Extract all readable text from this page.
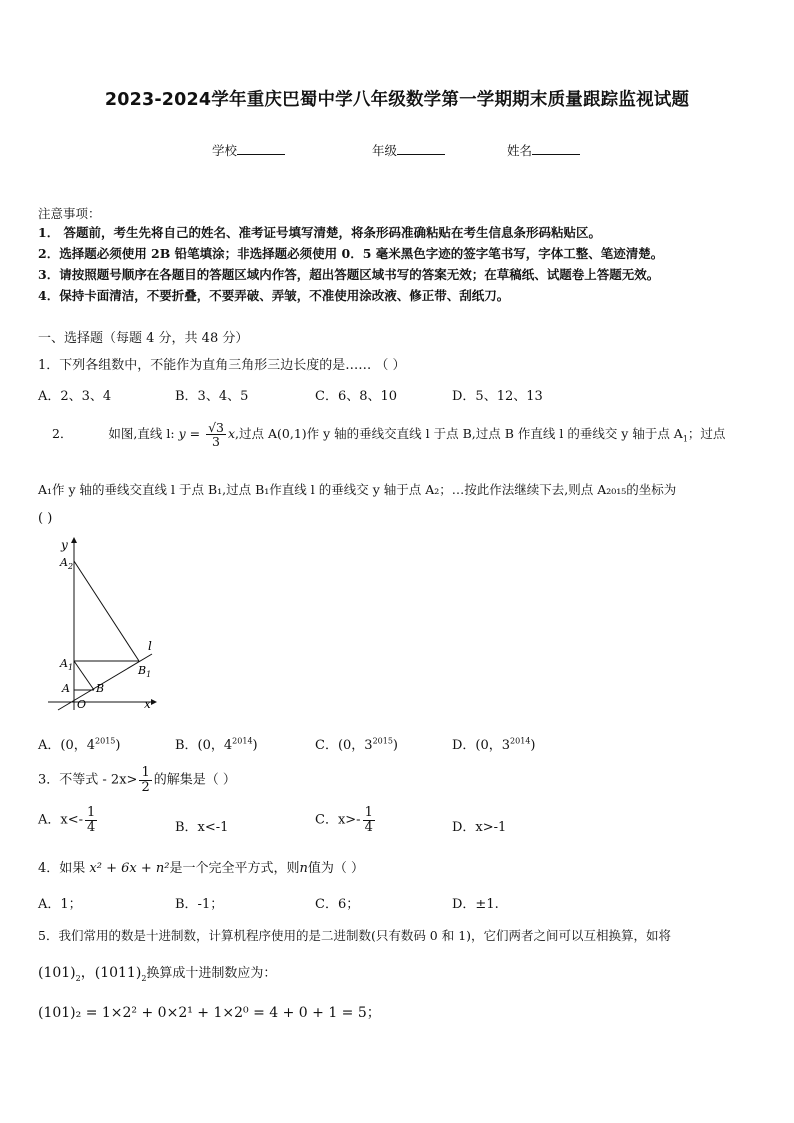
2023-2024学年重庆巴蜀中学八年级数学第一学期期末质量跟踪监视试题
学校	年级	姓名
注意事项：
1． 答题前，考生先将自己的姓名、准考证号填写清楚，将条形码准确粘贴在考生信息条形码粘贴区。
2．选择题必须使用 2B 铅笔填涂；非选择题必须使用 0．5 毫米黑色字迹的签字笔书写，字体工整、笔迹清楚。
3．请按照题号顺序在各题目的答题区域内作答，超出答题区域书写的答案无效；在草稿纸、试题卷上答题无效。
4．保持卡面清洁，不要折叠，不要弄破、弄皱，不准使用涂改液、修正带、刮纸刀。
一、选择题（每题 4 分，共 48 分）
1．下列各组数中，不能作为直角三角形三边长度的是…… （ ）
A．2、3、4	B．3、4、5	C．6、8、10	D．5、12、13
2．	如图,直线 l: $y = \frac{√3}{3} x$,过点 A(0,1)作 y 轴的垂线交直线 l 于点 B,过点 B 作直线 l 的垂线交 y 轴于点 $A_1$；过点
A₁作 y 轴的垂线交直线 l 于点 B₁,过点 B₁作直线 l 的垂线交 y 轴于点 A₂；…按此作法继续下去,则点 A₂₀₁₅的坐标为
( )
y
x
O
l
A B
$A_1$	$B_1$
$A_2$
A．(0，$4^{2015}$)	B．(0，$4^{2014}$)	C．(0，$3^{2015}$)	D．(0，$3^{2014}$)
3．不等式 - $2x> \frac{1}{2}$ 的解集是（ ）
A．$x<- \frac{1}{4}$	B．x<-1	C．$x>- \frac{1}{4}$	D．x>-1
4．如果 x² + 6x + n²是一个完全平方式，则n值为（ ）
A．1；	B．-1；	C．6；	D．±1.
5．我们常用的数是十进制数，计算机程序使用的是二进制数(只有数码 0 和 1)，它们两者之间可以互相换算，如将
$(101)_2$，$(1011)_2$换算成十进制数应为：
(101)₂ = 1×2² + 0×2¹ + 1×2⁰ = 4 + 0 + 1 = 5；
